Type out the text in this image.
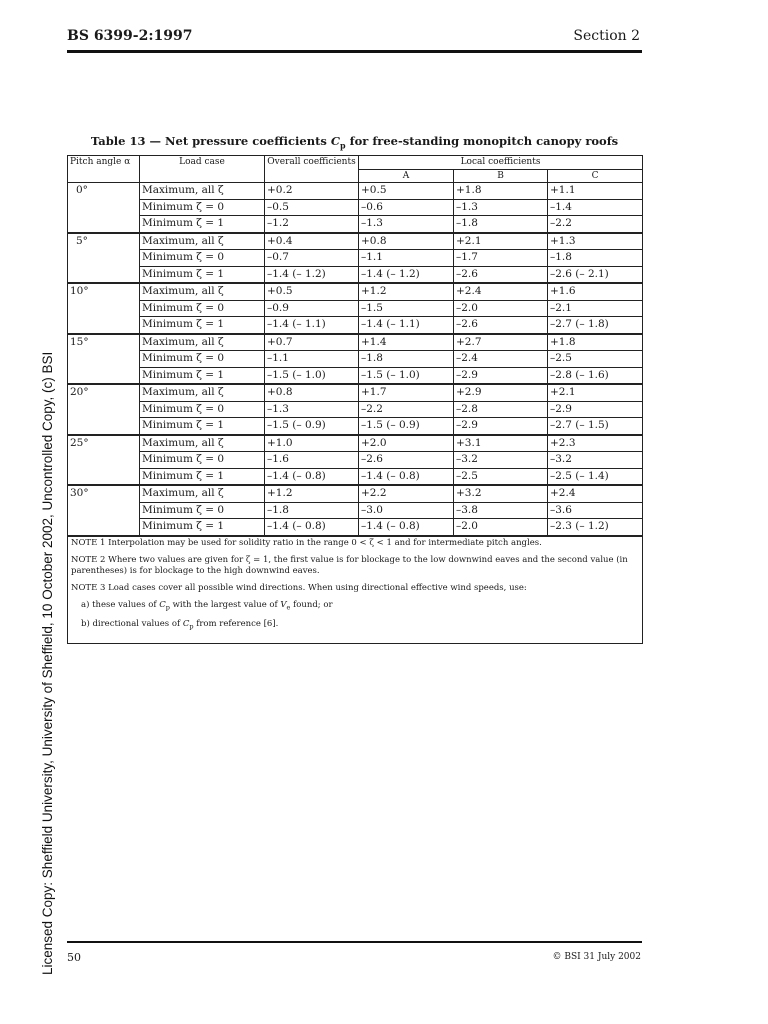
BS 6399-2:1997	Section 2
Licensed Copy: Sheffield University, University of Sheffield, 10 October 2002, Uncontrolled Copy, (c) BSI
Table 13 — Net pressure coefficients $C_p$ for free-standing monopitch canopy roofs
Pitch angle α	Load case	Overall coefficients	Local coefficients		
			A	B	C
0°	Maximum, all ζ	+0.2	+0.5	+1.8	+1.1
	Minimum ζ = 0	–0.5	–0.6	–1.3	–1.4
	Minimum ζ = 1	–1.2	–1.3	–1.8	–2.2
5°	Maximum, all ζ	+0.4	+0.8	+2.1	+1.3
	Minimum ζ = 0	–0.7	–1.1	–1.7	–1.8
	Minimum ζ = 1	–1.4 (– 1.2)	–1.4 (– 1.2)	–2.6	–2.6 (– 2.1)
10°	Maximum, all ζ	+0.5	+1.2	+2.4	+1.6
	Minimum ζ = 0	–0.9	–1.5	–2.0	–2.1
	Minimum ζ = 1	–1.4 (– 1.1)	–1.4 (– 1.1)	–2.6	–2.7 (– 1.8)
15°	Maximum, all ζ	+0.7	+1.4	+2.7	+1.8
	Minimum ζ = 0	–1.1	–1.8	–2.4	–2.5
	Minimum ζ = 1	–1.5 (– 1.0)	–1.5 (– 1.0)	–2.9	–2.8 (– 1.6)
20°	Maximum, all ζ	+0.8	+1.7	+2.9	+2.1
	Minimum ζ = 0	–1.3	–2.2	–2.8	–2.9
	Minimum ζ = 1	–1.5 (– 0.9)	–1.5 (– 0.9)	–2.9	–2.7 (– 1.5)
25°	Maximum, all ζ	+1.0	+2.0	+3.1	+2.3
	Minimum ζ = 0	–1.6	–2.6	–3.2	–3.2
	Minimum ζ = 1	–1.4 (– 0.8)	–1.4 (– 0.8)	–2.5	–2.5 (– 1.4)
30°	Maximum, all ζ	+1.2	+2.2	+3.2	+2.4
	Minimum ζ = 0	–1.8	–3.0	–3.8	–3.6
	Minimum ζ = 1	–1.4 (– 0.8)	–1.4 (– 0.8)	–2.0	–2.3 (– 1.2)

NOTE 1 Interpolation may be used for solidity ratio in the range 0 < ζ < 1 and for intermediate pitch angles.
NOTE 2 Where two values are given for ζ = 1, the first value is for blockage to the low downwind eaves and the second value (in parentheses) is for blockage to the high downwind eaves.
NOTE 3 Load cases cover all possible wind directions. When using directional effective wind speeds, use:
a) these values of $C_p$ with the largest value of $V_e$ found; or
b) directional values of $C_p$ from reference [6].					
50	© BSI 31 July 2002
